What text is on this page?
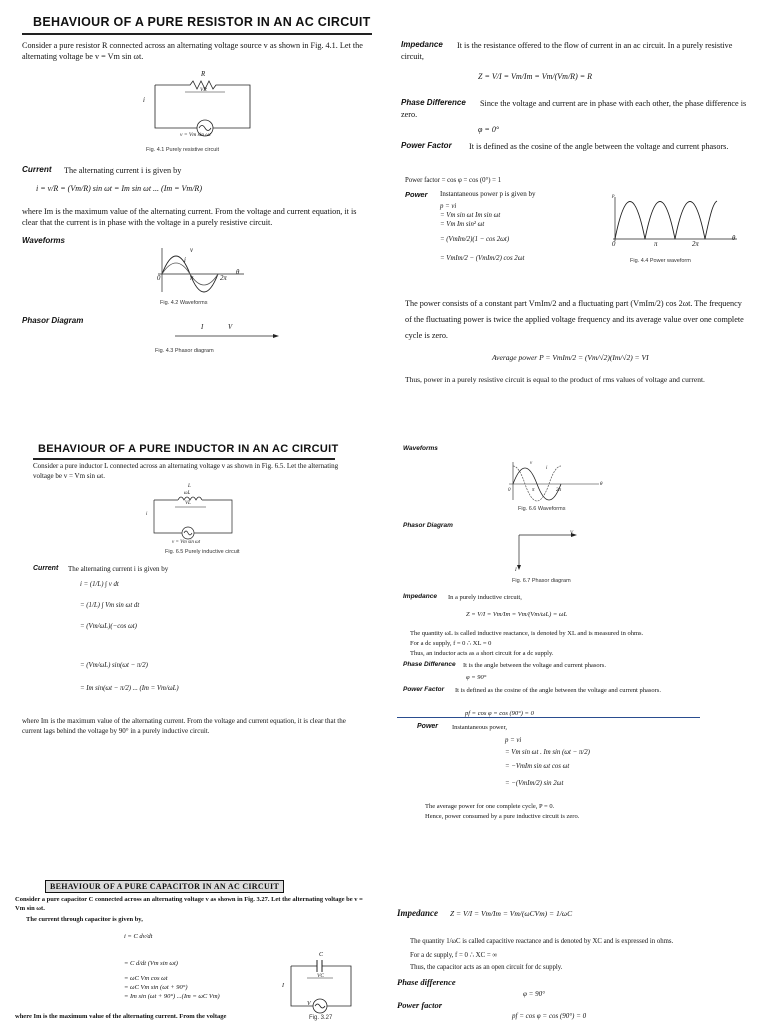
BEHAVIOUR OF A PURE RESISTOR IN AN AC CIRCUIT

Consider a pure resistor R connected across an alternating voltage source v as shown in Fig. 4.1. Let the alternating voltage be v = Vm sin ωt.

R
VR
i
v = Vm sin ωt
Fig. 4.1 Purely resistive circuit
Current The alternating current i is given by

i = v/R = (Vm/R) sin ωt = Im sin ωt ... (Im = Vm/R)

where Im is the maximum value of the alternating current. From the voltage and current equation, it is clear that the current is in phase with the voltage in a purely resistive circuit.

Waveforms
v
i
0	π	2π
θ
Fig. 4.2 Waveforms
Phasor Diagram
I	V
Fig. 4.3 Phasor diagram
Impedance	It is the resistance offered to the flow of current in an ac circuit. In a purely resistive circuit,

Z = V/I = Vm/Im = Vm/(Vm/R) = R
Phase Difference	Since the voltage and current are in phase with each other, the phase difference is zero.

φ = 0°
Power Factor	It is defined as the cosine of the angle between the voltage and current phasors.

Power factor = cos φ = cos (0°) = 1
Power Instantaneous power p is given by
p = vi
= Vm sin ωt Im sin ωt
= Vm Im sin² ωt
= (VmIm/2)(1 − cos 2ωt)
= VmIm/2 − (VmIm/2) cos 2ωt
p
0	π	2π
θ
Fig. 4.4 Power waveform

The power consists of a constant part VmIm/2 and a fluctuating part (VmIm/2) cos 2ωt. The frequency of the fluctuating power is twice the applied voltage frequency and its average value over one complete cycle is zero.

Average power P = VmIm/2 = (Vm/√2)(Im/√2) = VI

Thus, power in a purely resistive circuit is equal to the product of rms values of voltage and current.

BEHAVIOUR OF A PURE INDUCTOR IN AN AC CIRCUIT

Consider a pure inductor L connected across an alternating voltage v as shown in Fig. 6.5. Let the alternating voltage be v = Vm sin ωt.

L
ωL
VL
i
v = Vm sin ωt
Fig. 6.5 Purely inductive circuit
Current The alternating current i is given by
i = (1/L) ∫ v dt
= (1/L) ∫ Vm sin ωt dt
= (Vm/ωL)(−cos ωt)
= (Vm/ωL) sin(ωt − π/2)
= Im sin(ωt − π/2) ... (Im = Vm/ωL)

where Im is the maximum value of the alternating current. From the voltage and current equation, it is clear that the current lags behind the voltage by 90° in a purely inductive circuit.

Waveforms
v
i
0	π	2π
θ
Fig. 6.6 Waveforms
Phasor Diagram
V
I
Fig. 6.7 Phasor diagram
Impedance In a purely inductive circuit,
Z = V/I = Vm/Im = Vm/(Vm/ωL) = ωL
The quantity ωL is called inductive reactance, is denoted by XL and is measured in ohms.
For a dc supply, f = 0 ∴ XL = 0
Thus, an inductor acts as a short circuit for a dc supply.
Phase Difference It is the angle between the voltage and current phasors.
φ = 90°
Power Factor	It is defined as the cosine of the angle between the voltage and current phasors.

pf = cos φ = cos (90°) = 0
Power Instantaneous power,
p = vi
= Vm sin ωt . Im sin (ωt − π/2)
= −VmIm sin ωt cos ωt
= −(VmIm/2) sin 2ωt
The average power for one complete cycle, P = 0.
Hence, power consumed by a pure inductive circuit is zero.
BEHAVIOUR OF A PURE CAPACITOR IN AN AC CIRCUIT

Consider a pure capacitor C connected across an alternating voltage v as shown in Fig. 3.27. Let the alternating voltage be v = Vm sin ωt.

The current through capacitor is given by,
i = C dv/dt
= C d/dt (Vm sin ωt)
= ωC Vm cos ωt
= ωC Vm sin (ωt + 90°)
= Im sin (ωt + 90°) ...(Im = ωC Vm)
where Im is the maximum value of the alternating current. From the voltage
C
VC
I
V
Fig. 3.27
Impedance Z = V/I = Vm/Im = Vm/(ωCVm) = 1/ωC
The quantity 1/ωC is called capacitive reactance and is denoted by XC and is expressed in ohms.
For a dc supply, f = 0 ∴ XC = ∞
Thus, the capacitor acts as an open circuit for dc supply.
Phase difference
φ = 90°
Power factor
pf = cos φ = cos (90°) = 0
